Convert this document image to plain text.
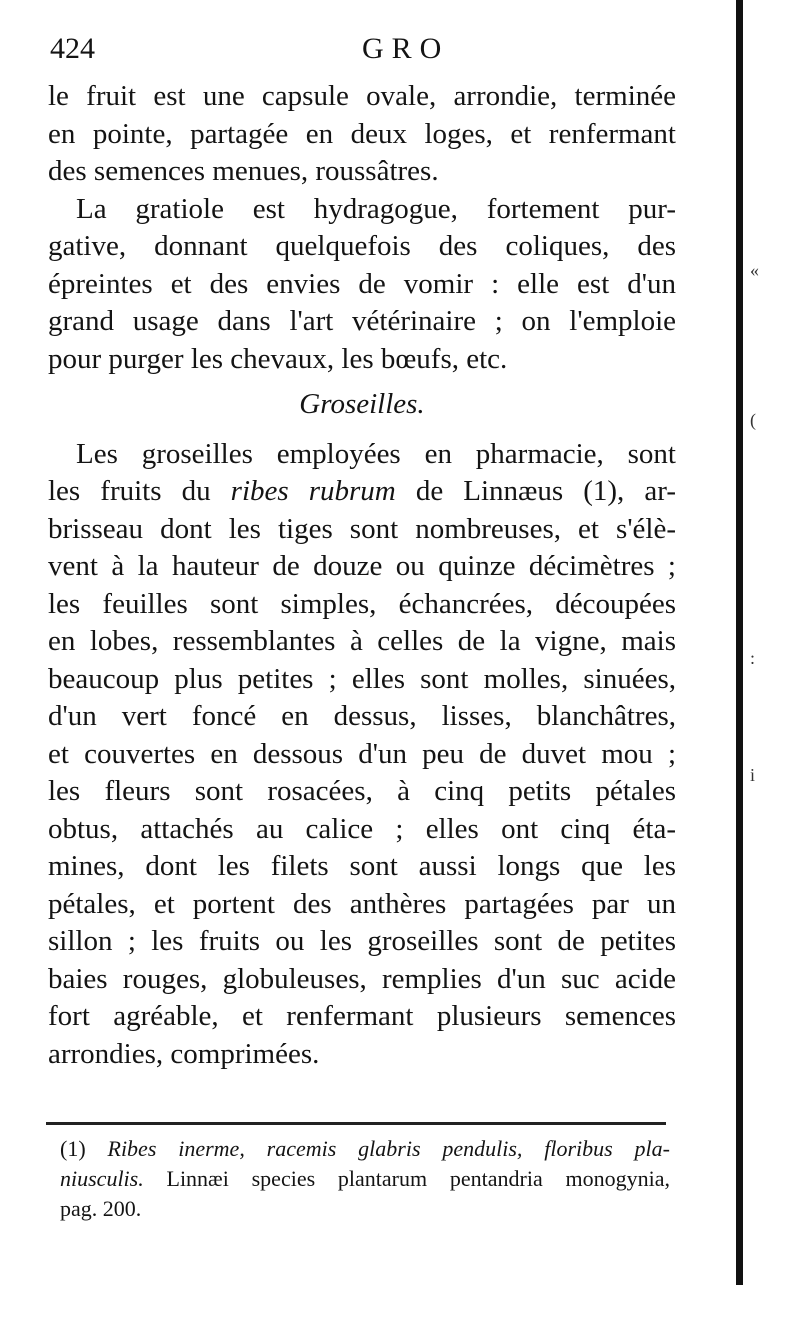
«
(
:
i
424	GRO
le fruit est une capsule ovale, arrondie, terminée
en pointe, partagée en deux loges, et renfermant
des semences menues, roussâtres.
La gratiole est hydragogue, fortement pur-
gative, donnant quelquefois des coliques, des
épreintes et des envies de vomir : elle est d'un
grand usage dans l'art vétérinaire ; on l'emploie
pour purger les chevaux, les bœufs, etc.
Groseilles.
Les groseilles employées en pharmacie, sont
les fruits du ribes rubrum de Linnæus (1), ar-
brisseau dont les tiges sont nombreuses, et s'élè-
vent à la hauteur de douze ou quinze décimètres ;
les feuilles sont simples, échancrées, découpées
en lobes, ressemblantes à celles de la vigne, mais
beaucoup plus petites ; elles sont molles, sinuées,
d'un vert foncé en dessus, lisses, blanchâtres,
et couvertes en dessous d'un peu de duvet mou ;
les fleurs sont rosacées, à cinq petits pétales
obtus, attachés au calice ; elles ont cinq éta-
mines, dont les filets sont aussi longs que les
pétales, et portent des anthères partagées par un
sillon ; les fruits ou les groseilles sont de petites
baies rouges, globuleuses, remplies d'un suc acide
fort agréable, et renfermant plusieurs semences
arrondies, comprimées.
(1) Ribes inerme, racemis glabris pendulis, floribus pla-
niusculis. Linnæi species plantarum pentandria monogynia,
pag. 200.
